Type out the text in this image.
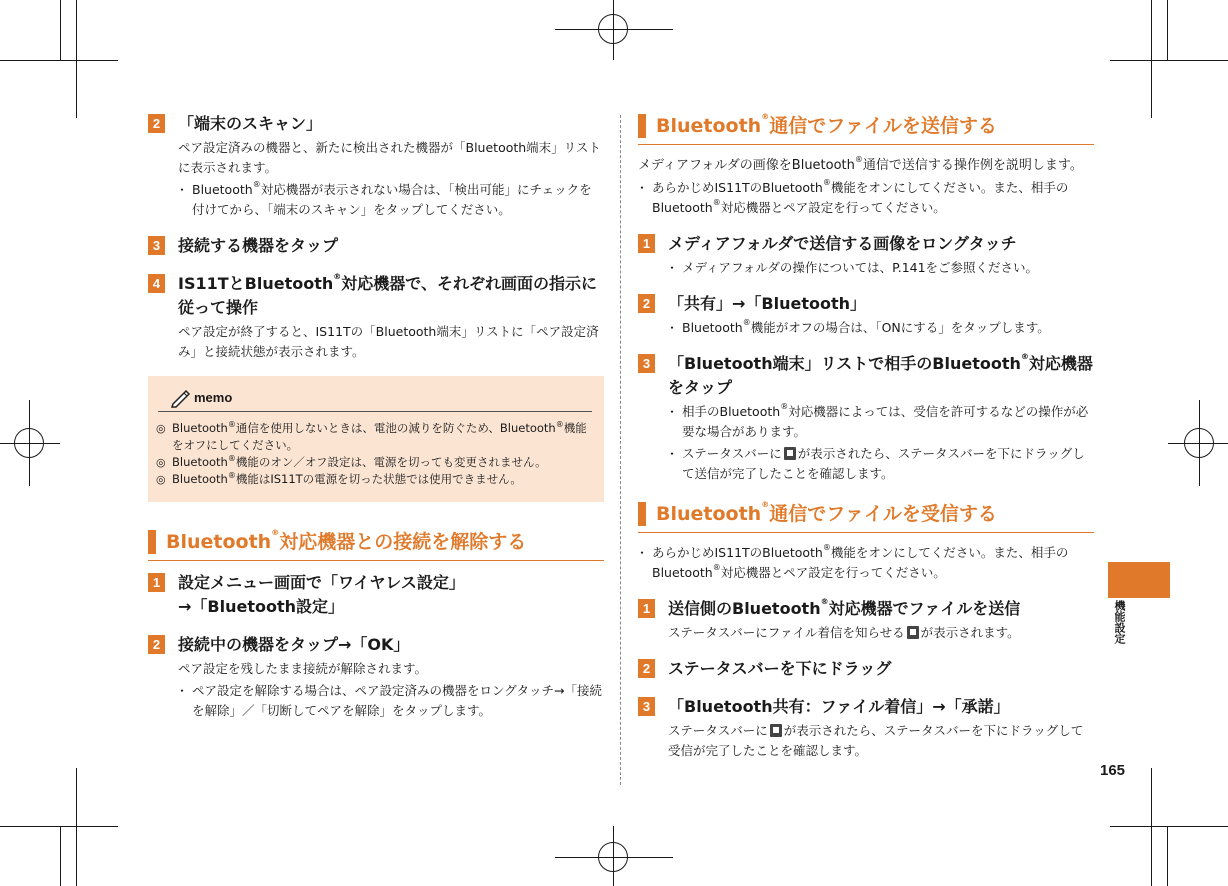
2	「端末のスキャン」
ペア設定済みの機器と、新たに検出された機器が「Bluetooth端末」リストに表示されます。
・ Bluetooth®対応機器が表示されない場合は、「検出可能」にチェックを付けてから、「端末のスキャン」をタップしてください。
3	接続する機器をタップ
4	IS11TとBluetooth®対応機器で、それぞれ画面の指示に従って操作
ペア設定が終了すると、IS11Tの「Bluetooth端末」リストに「ペア設定済み」と接続状態が表示されます。
memo
◎ Bluetooth®通信を使用しないときは、電池の減りを防ぐため、Bluetooth®機能をオフにしてください。
◎ Bluetooth®機能のオン／オフ設定は、電源を切っても変更されません。
◎ Bluetooth®機能はIS11Tの電源を切った状態では使用できません。
Bluetooth®対応機器との接続を解除する
1	設定メニュー画面で「ワイヤレス設定」
→「Bluetooth設定」
2	接続中の機器をタップ→「OK」
ペア設定を残したまま接続が解除されます。
・ ペア設定を解除する場合は、ペア設定済みの機器をロングタッチ→「接続を解除」／「切断してペアを解除」をタップします。
Bluetooth®通信でファイルを送信する
メディアフォルダの画像をBluetooth®通信で送信する操作例を説明します。
・ あらかじめIS11TのBluetooth®機能をオンにしてください。また、相手のBluetooth®対応機器とペア設定を行ってください。
1	メディアフォルダで送信する画像をロングタッチ
・ メディアフォルダの操作については、P.141をご参照ください。
2	「共有」→「Bluetooth」
・ Bluetooth®機能がオフの場合は、「ONにする」をタップします。
3	「Bluetooth端末」リストで相手のBluetooth®対応機器をタップ
・ 相手のBluetooth®対応機器によっては、受信を許可するなどの操作が必要な場合があります。
・ ステータスバーに が表示されたら、ステータスバーを下にドラッグして送信が完了したことを確認します。
Bluetooth®通信でファイルを受信する
・ あらかじめIS11TのBluetooth®機能をオンにしてください。また、相手のBluetooth®対応機器とペア設定を行ってください。
1	送信側のBluetooth®対応機器でファイルを送信
ステータスバーにファイル着信を知らせる が表示されます。
2	ステータスバーを下にドラッグ
3	「Bluetooth共有：ファイル着信」→「承諾」
ステータスバーに が表示されたら、ステータスバーを下にドラッグして受信が完了したことを確認します。
機能設定
165
